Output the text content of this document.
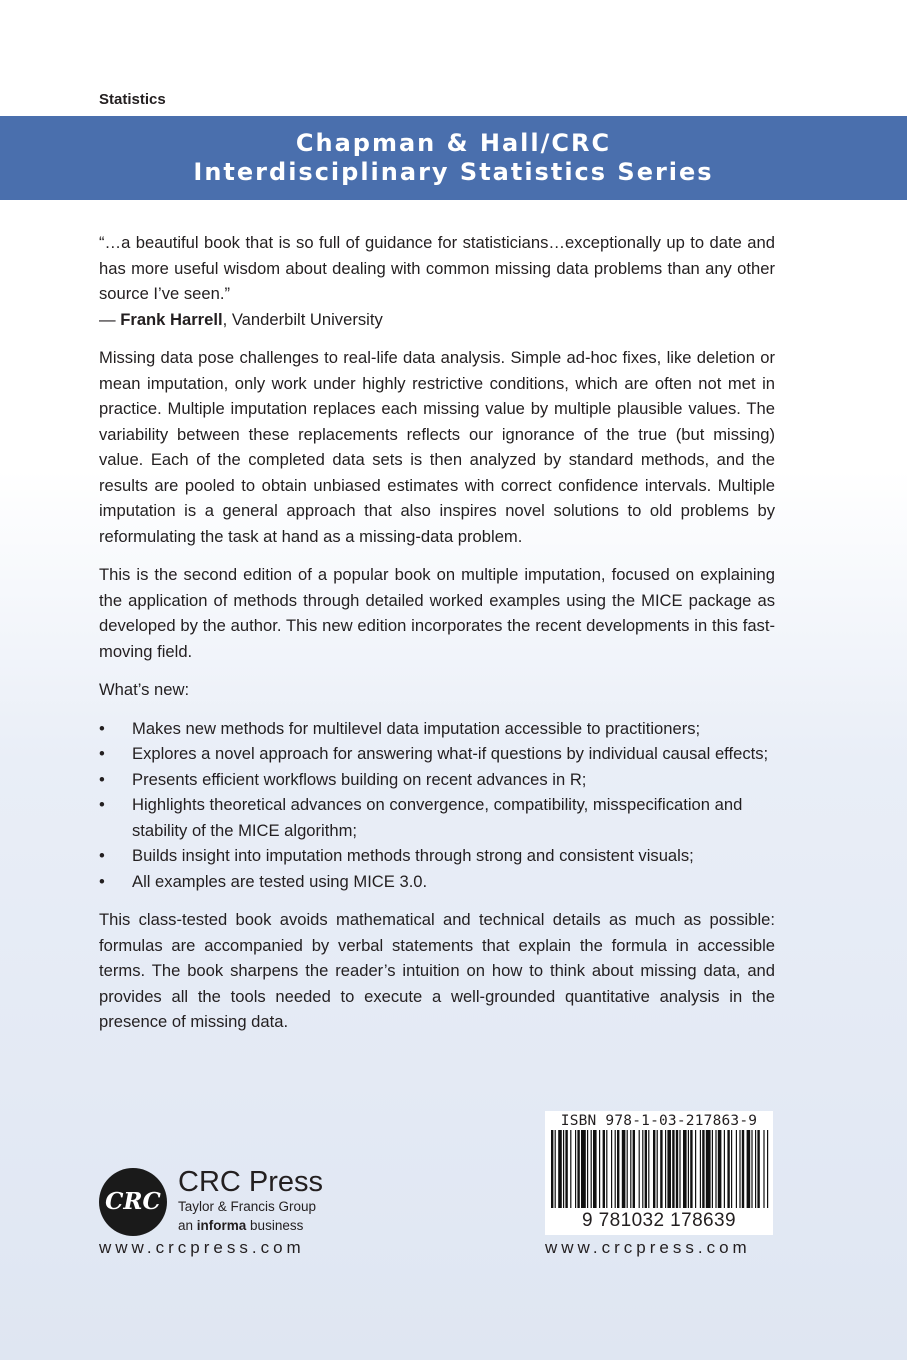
Statistics
Chapman & Hall/CRC
Interdisciplinary Statistics Series

“…a beautiful book that is so full of guidance for statisticians…exceptionally up to date and has more useful wisdom about dealing with common missing data problems than any other source I’ve seen.”

— Frank Harrell, Vanderbilt University

Missing data pose challenges to real-life data analysis. Simple ad-hoc fixes, like deletion or mean imputation, only work under highly restrictive conditions, which are often not met in practice. Multiple imputation replaces each missing value by multiple plausible values. The variability between these replacements reflects our ignorance of the true (but missing) value. Each of the completed data sets is then analyzed by standard methods, and the results are pooled to obtain unbiased estimates with correct confidence intervals. Multiple imputation is a general approach that also inspires novel solutions to old problems by reformulating the task at hand as a missing-data problem.

This is the second edition of a popular book on multiple imputation, focused on explaining the application of methods through detailed worked examples using the MICE package as developed by the author. This new edition incorporates the recent developments in this fast-moving field.

What’s new:

• Makes new methods for multilevel data imputation accessible to practitioners;
• Explores a novel approach for answering what-if questions by individual causal effects;
• Presents efficient workflows building on recent advances in R;
• Highlights theoretical advances on convergence, compatibility, misspecification and stability of the MICE algorithm;
• Builds insight into imputation methods through strong and consistent visuals;
• All examples are tested using MICE 3.0.

This class-tested book avoids mathematical and technical details as much as possible: formulas are accompanied by verbal statements that explain the formula in accessible terms. The book sharpens the reader’s intuition on how to think about missing data, and provides all the tools needed to execute a well-grounded quantitative analysis in the presence of missing data.

CRC
CRC Press
Taylor & Francis Group
an informa business
www.crcpress.com
ISBN 978-1-03-217863-9
9 781032 178639
www.crcpress.com
